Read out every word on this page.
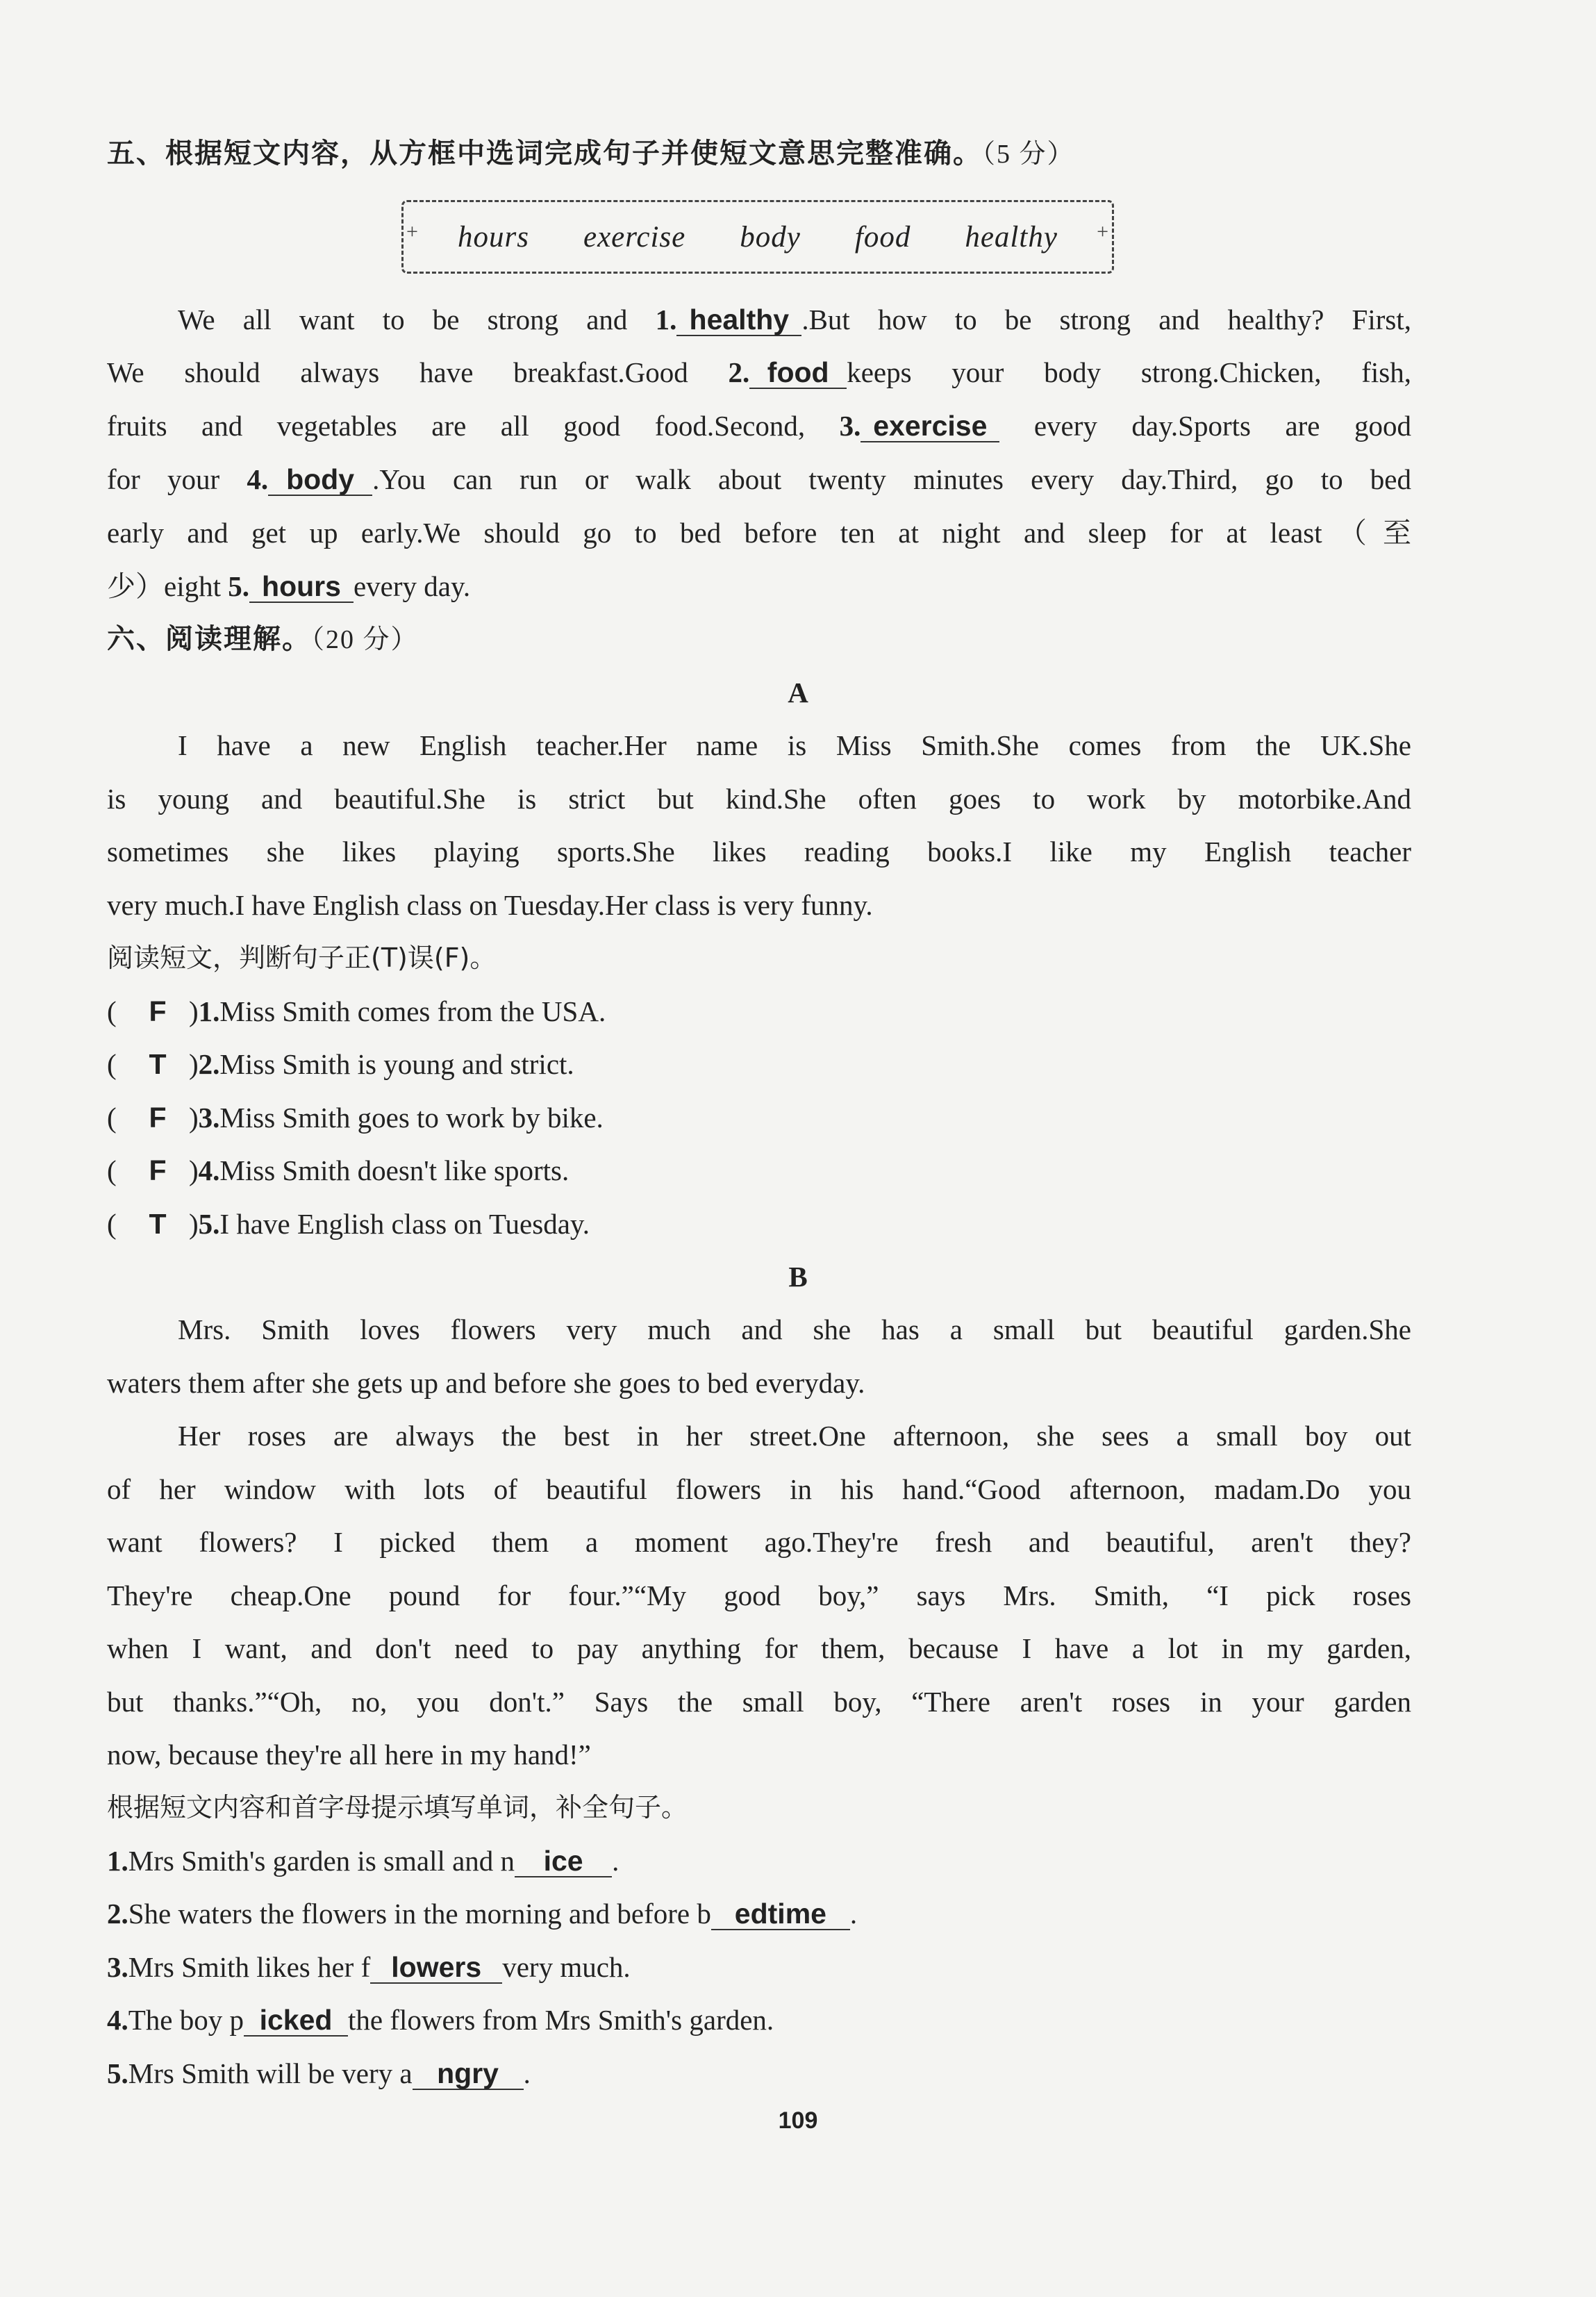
五、根据短文内容，从方框中选词完成句子并使短文意思完整准确。（5 分）
+ hours exercise body food healthy
+
We all want to be strong and 1. healthy .But how to be strong and healthy? First,
We should always have breakfast.Good 2. food keeps your body strong.Chicken, fish,
fruits and vegetables are all good food.Second, 3. exercise every day.Sports are good
for your 4. body .You can run or walk about twenty minutes every day.Third, go to bed
early and get up early.We should go to bed before ten at night and sleep for at least（至
少）eight 5. hours every day.
六、阅读理解。（20 分）
A
I have a new English teacher.Her name is Miss Smith.She comes from the UK.She
is young and beautiful.She is strict but kind.She often goes to work by motorbike.And
sometimes she likes playing sports.She likes reading books.I like my English teacher
very much.I have English class on Tuesday.Her class is very funny.
阅读短文，判断句子正(T)误(F)。
( F )1.Miss Smith comes from the USA.
( T )2.Miss Smith is young and strict.
( F )3.Miss Smith goes to work by bike.
( F )4.Miss Smith doesn't like sports.
( T )5.I have English class on Tuesday.
B
Mrs. Smith loves flowers very much and she has a small but beautiful garden.She
waters them after she gets up and before she goes to bed everyday.
Her roses are always the best in her street.One afternoon, she sees a small boy out
of her window with lots of beautiful flowers in his hand.“Good afternoon, madam.Do you
want flowers? I picked them a moment ago.They're fresh and beautiful, aren't they?
They're cheap.One pound for four.”“My good boy,” says Mrs. Smith, “I pick roses
when I want, and don't need to pay anything for them, because I have a lot in my garden,
but thanks.”“Oh, no, you don't.” Says the small boy, “There aren't roses in your garden
now, because they're all here in my hand!”
根据短文内容和首字母提示填写单词，补全句子。
1.Mrs Smith's garden is small and n ice .
2.She waters the flowers in the morning and before b edtime .
3.Mrs Smith likes her f lowers very much.
4.The boy p icked the flowers from Mrs Smith's garden.
5.Mrs Smith will be very a ngry .
109
